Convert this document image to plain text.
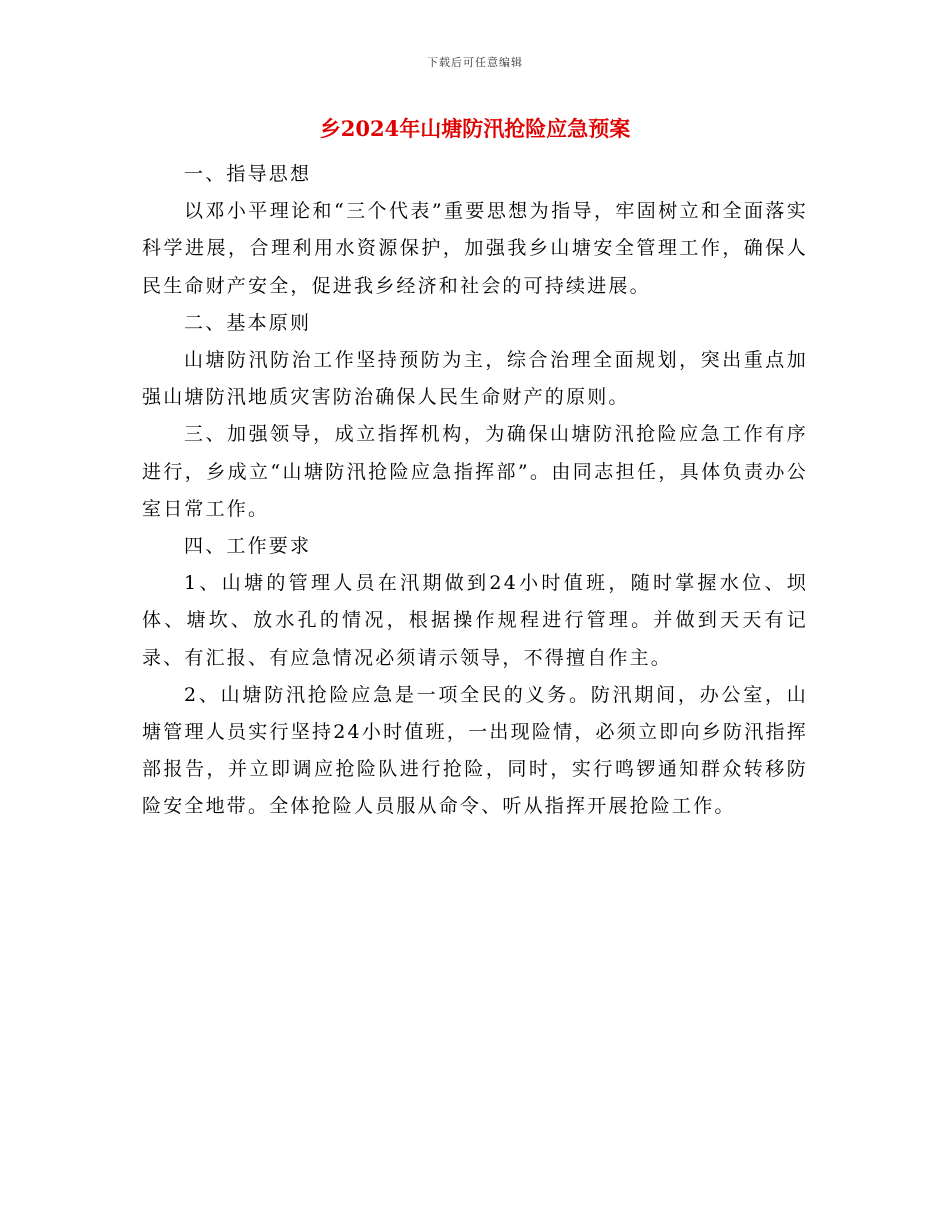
下载后可任意编辑
乡2024年山塘防汛抢险应急预案

一、指导思想

以邓小平理论和“三个代表”重要思想为指导，牢固树立和全面落实科学进展，合理利用水资源保护，加强我乡山塘安全管理工作，确保人民生命财产安全，促进我乡经济和社会的可持续进展。

二、基本原则

山塘防汛防治工作坚持预防为主，综合治理全面规划，突出重点加强山塘防汛地质灾害防治确保人民生命财产的原则。

三、加强领导，成立指挥机构，为确保山塘防汛抢险应急工作有序进行，乡成立“山塘防汛抢险应急指挥部”。由同志担任，具体负责办公室日常工作。

四、工作要求

1、山塘的管理人员在汛期做到24小时值班，随时掌握水位、坝体、塘坎、放水孔的情况，根据操作规程进行管理。并做到天天有记录、有汇报、有应急情况必须请示领导，不得擅自作主。

2、山塘防汛抢险应急是一项全民的义务。防汛期间，办公室，山塘管理人员实行坚持24小时值班，一出现险情，必须立即向乡防汛指挥部报告，并立即调应抢险队进行抢险，同时，实行鸣锣通知群众转移防险安全地带。全体抢险人员服从命令、听从指挥开展抢险工作。
